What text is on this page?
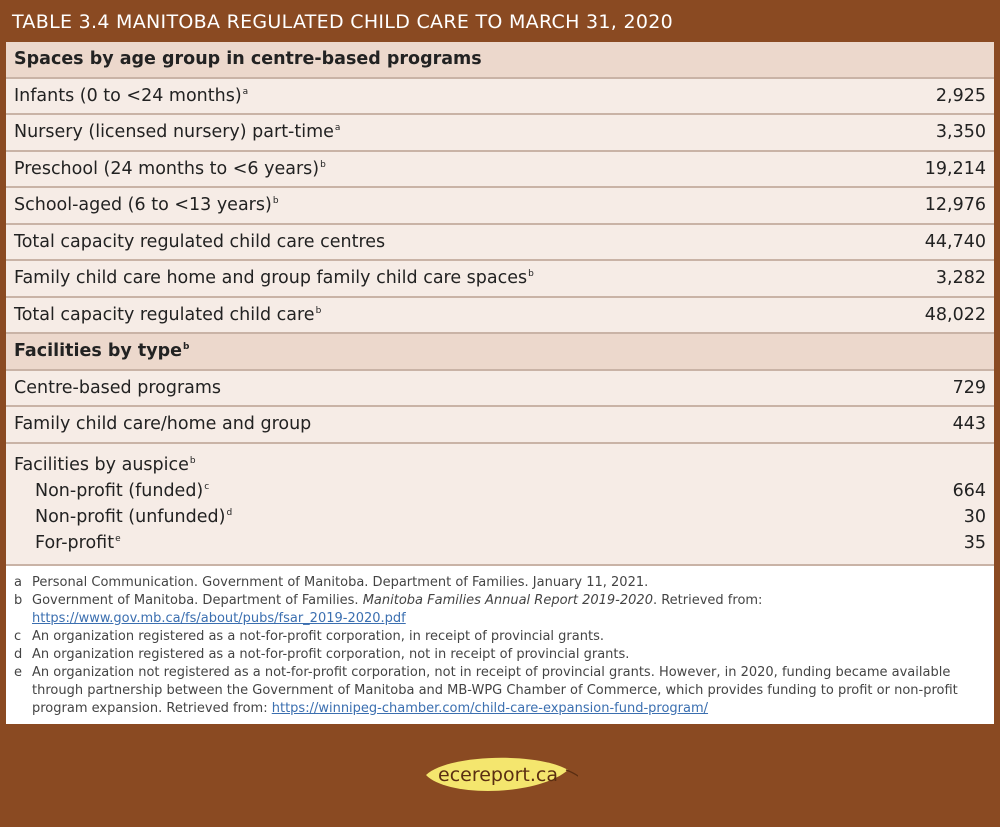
TABLE 3.4 MANITOBA REGULATED CHILD CARE TO MARCH 31, 2020
Spaces by age group in centre-based programs
Infants (0 to <24 months)$^a$	2,925
Nursery (licensed nursery) part-time$^a$	3,350
Preschool (24 months to <6 years)$^b$	19,214
School-aged (6 to <13 years)$^b$	12,976
Total capacity regulated child care centres	44,740
Family child care home and group family child care spaces$^b$	3,282
Total capacity regulated child care$^b$	48,022
Facilities by type$^b$
Centre-based programs	729
Family child care/home and group	443
Facilities by auspice$^b$
Non-profit (funded)$^c$	664
Non-profit (unfunded)$^d$	30
For-profit$^e$	35
a Personal Communication. Government of Manitoba. Department of Families. January 11, 2021.
b Government of Manitoba. Department of Families. Manitoba Families Annual Report 2019-2020. Retrieved from: https://www.gov.mb.ca/fs/about/pubs/fsar_2019-2020.pdf
c An organization registered as a not-for-profit corporation, in receipt of provincial grants.
d An organization registered as a not-for-profit corporation, not in receipt of provincial grants.
e An organization not registered as a not-for-profit corporation, not in receipt of provincial grants. However, in 2020, funding became available through partnership between the Government of Manitoba and MB-WPG Chamber of Commerce, which provides funding to profit or non-profit program expansion. Retrieved from: https://winnipeg-chamber.com/child-care-expansion-fund-program/
ecereport.ca
